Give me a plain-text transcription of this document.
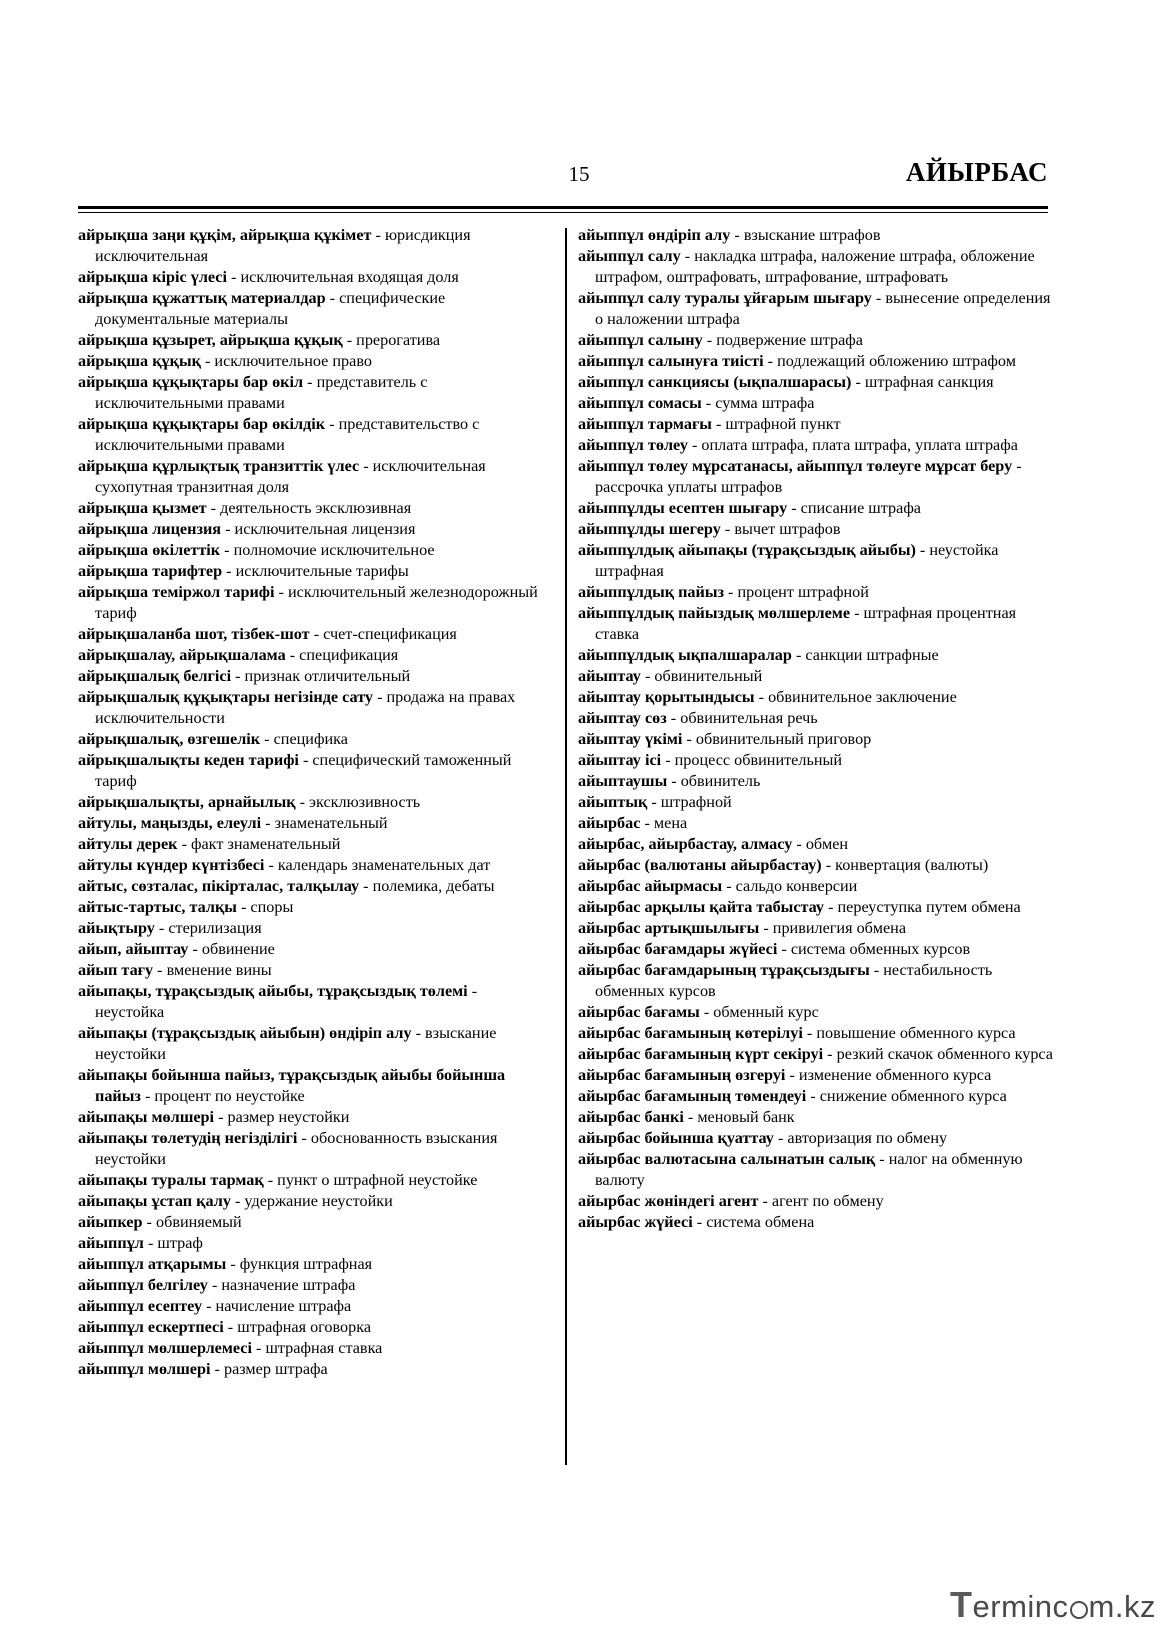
15	АЙЫРБАС

айрықша заңи құқім, айрықша құкімет - юрисдикция исключительная

айрықша кіріс үлесі - исключительная входящая доля

айрықша құжаттық материалдар - специфические документальные материалы

айрықша құзырет, айрықша құқық - прерогатива

айрықша құқық - исключительное право

айрықша құқықтары бар өкіл - представитель с исключительными правами

айрықша құқықтары бар өкілдік - представительство с исключительными правами

айрықша құрлықтық транзиттік үлес - исключительная сухопутная транзитная доля

айрықша қызмет - деятельность эксклюзивная

айрықша лицензия - исключительная лицензия

айрықша өкілеттік - полномочие исключительное

айрықша тарифтер - исключительные тарифы

айрықша теміржол тарифі - исключительный железнодорожный тариф

айрықшаланба шот, тізбек-шот - счет-спецификация

айрықшалау, айрықшалама - спецификация

айрықшалық белгісі - признак отличительный

айрықшалық құқықтары негізінде сату - продажа на правах исключительности

айрықшалық, өзгешелік - специфика

айрықшалықты кеден тарифі - специфический таможенный тариф

айрықшалықты, арнайылық - эксклюзивность

айтулы, маңызды, елеулі - знаменательный

айтулы дерек - факт знаменательный

айтулы күндер күнтізбесі - календарь знаменательных дат

айтыс, сөзталас, пікірталас, талқылау - полемика, дебаты

айтыс-тартыс, талқы - споры

айықтыру - стерилизация

айып, айыптау - обвинение

айып тағу - вменение вины

айыпақы, тұрақсыздық айыбы, тұрақсыздық төлемі - неустойка

айыпақы (тұрақсыздық айыбын) өндіріп алу - взыскание неустойки

айыпақы бойынша пайыз, тұрақсыздық айыбы бойынша пайыз - процент по неустойке

айыпақы мөлшері - размер неустойки

айыпақы төлетудің негізділігі - обоснованность взыскания неустойки

айыпақы туралы тармақ - пункт о штрафной неустойке

айыпақы ұстап қалу - удержание неустойки

айыпкер - обвиняемый

айыппұл - штраф

айыппұл атқарымы - функция штрафная

айыппұл белгілеу - назначение штрафа

айыппұл есептеу - начисление штрафа

айыппұл ескертпесі - штрафная оговорка

айыппұл мөлшерлемесі - штрафная ставка

айыппұл мөлшері - размер штрафа

айыппұл өндіріп алу - взыскание штрафов

айыппұл салу - накладка штрафа, наложение штрафа, обложение штрафом, оштрафовать, штрафование, штрафовать

айыппұл салу туралы ұйғарым шығару - вынесение определения о наложении штрафа

айыппұл салыну - подвержение штрафа

айыппұл салынуға тиісті - подлежащий обложению штрафом

айыппұл санкциясы (ықпалшарасы) - штрафная санкция

айыппұл сомасы - сумма штрафа

айыппұл тармағы - штрафной пункт

айыппұл төлеу - оплата штрафа, плата штрафа, уплата штрафа

айыппұл төлеу мұрсатанасы, айыппұл төлеуге мұрсат беру - рассрочка уплаты штрафов

айыппұлды есептен шығару - списание штрафа

айыппұлды шегеру - вычет штрафов

айыппұлдық айыпақы (тұрақсыздық айыбы) - неустойка штрафная

айыппұлдық пайыз - процент штрафной

айыппұлдық пайыздық мөлшерлеме - штрафная процентная ставка

айыппұлдық ықпалшаралар - санкции штрафные

айыптау - обвинительный

айыптау қорытындысы - обвинительное заключение

айыптау сөз - обвинительная речь

айыптау үкімі - обвинительный приговор

айыптау ісі - процесс обвинительный

айыптаушы - обвинитель

айыптық - штрафной

айырбас - мена

айырбас, айырбастау, алмасу - обмен

айырбас (валютаны айырбастау) - конвертация (валюты)

айырбас айырмасы - сальдо конверсии

айырбас арқылы қайта табыстау - переуступка путем обмена

айырбас артықшылығы - привилегия обмена

айырбас бағамдары жүйесі - система обменных курсов

айырбас бағамдарының тұрақсыздығы - нестабильность обменных курсов

айырбас бағамы - обменный курс

айырбас бағамының көтерілуі - повышение обменного курса

айырбас бағамының күрт секіруі - резкий скачок обменного курса

айырбас бағамының өзгеруі - изменение обменного курса

айырбас бағамының төмендеуі - снижение обменного курса

айырбас банкі - меновый банк

айырбас бойынша қуаттау - авторизация по обмену

айырбас валютасына салынатын салық - налог на обменную валюту

айырбас жөніндегі агент - агент по обмену

айырбас жүйесі - система обмена

Terminc m.kz
